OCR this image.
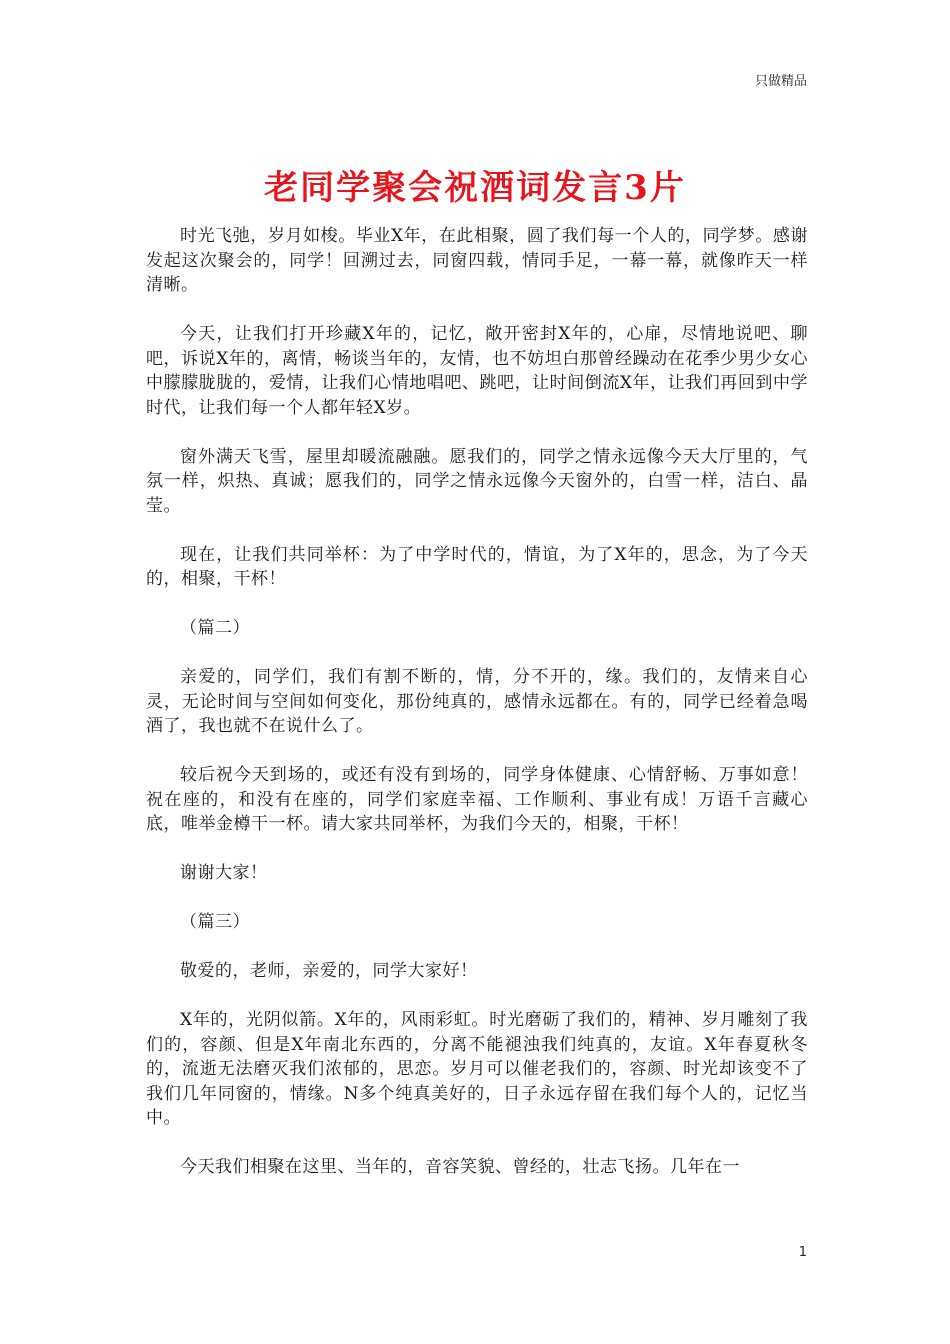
只做精品
老同学聚会祝酒词发言3片

时光飞弛，岁月如梭。毕业X年，在此相聚，圆了我们每一个人的，同学梦。感谢发起这次聚会的，同学！回溯过去，同窗四载，情同手足，一幕一幕，就像昨天一样清晰。

今天，让我们打开珍藏X年的，记忆，敞开密封X年的，心扉，尽情地说吧、聊吧，诉说X年的，离情，畅谈当年的，友情，也不妨坦白那曾经躁动在花季少男少女心中朦朦胧胧的，爱情，让我们心情地唱吧、跳吧，让时间倒流X年，让我们再回到中学时代，让我们每一个人都年轻X岁。

窗外满天飞雪，屋里却暖流融融。愿我们的，同学之情永远像今天大厅里的，气氛一样，炽热、真诚；愿我们的，同学之情永远像今天窗外的，白雪一样，洁白、晶莹。

现在，让我们共同举杯：为了中学时代的，情谊，为了X年的，思念，为了今天的，相聚，干杯！

（篇二）

亲爱的，同学们，我们有割不断的，情，分不开的，缘。我们的，友情来自心灵，无论时间与空间如何变化，那份纯真的，感情永远都在。有的，同学已经着急喝酒了，我也就不在说什么了。

较后祝今天到场的，或还有没有到场的，同学身体健康、心情舒畅、万事如意！祝在座的，和没有在座的，同学们家庭幸福、工作顺利、事业有成！万语千言藏心底，唯举金樽干一杯。请大家共同举杯，为我们今天的，相聚，干杯！

谢谢大家！

（篇三）

敬爱的，老师，亲爱的，同学大家好！

X年的，光阴似箭。X年的，风雨彩虹。时光磨砺了我们的，精神、岁月雕刻了我们的，容颜、但是X年南北东西的，分离不能褪浊我们纯真的，友谊。X年春夏秋冬的，流逝无法磨灭我们浓郁的，思恋。岁月可以催老我们的，容颜、时光却该变不了我们几年同窗的，情缘。N多个纯真美好的，日子永远存留在我们每个人的，记忆当中。

今天我们相聚在这里、当年的，音容笑貌、曾经的，壮志飞扬。几年在一

1
